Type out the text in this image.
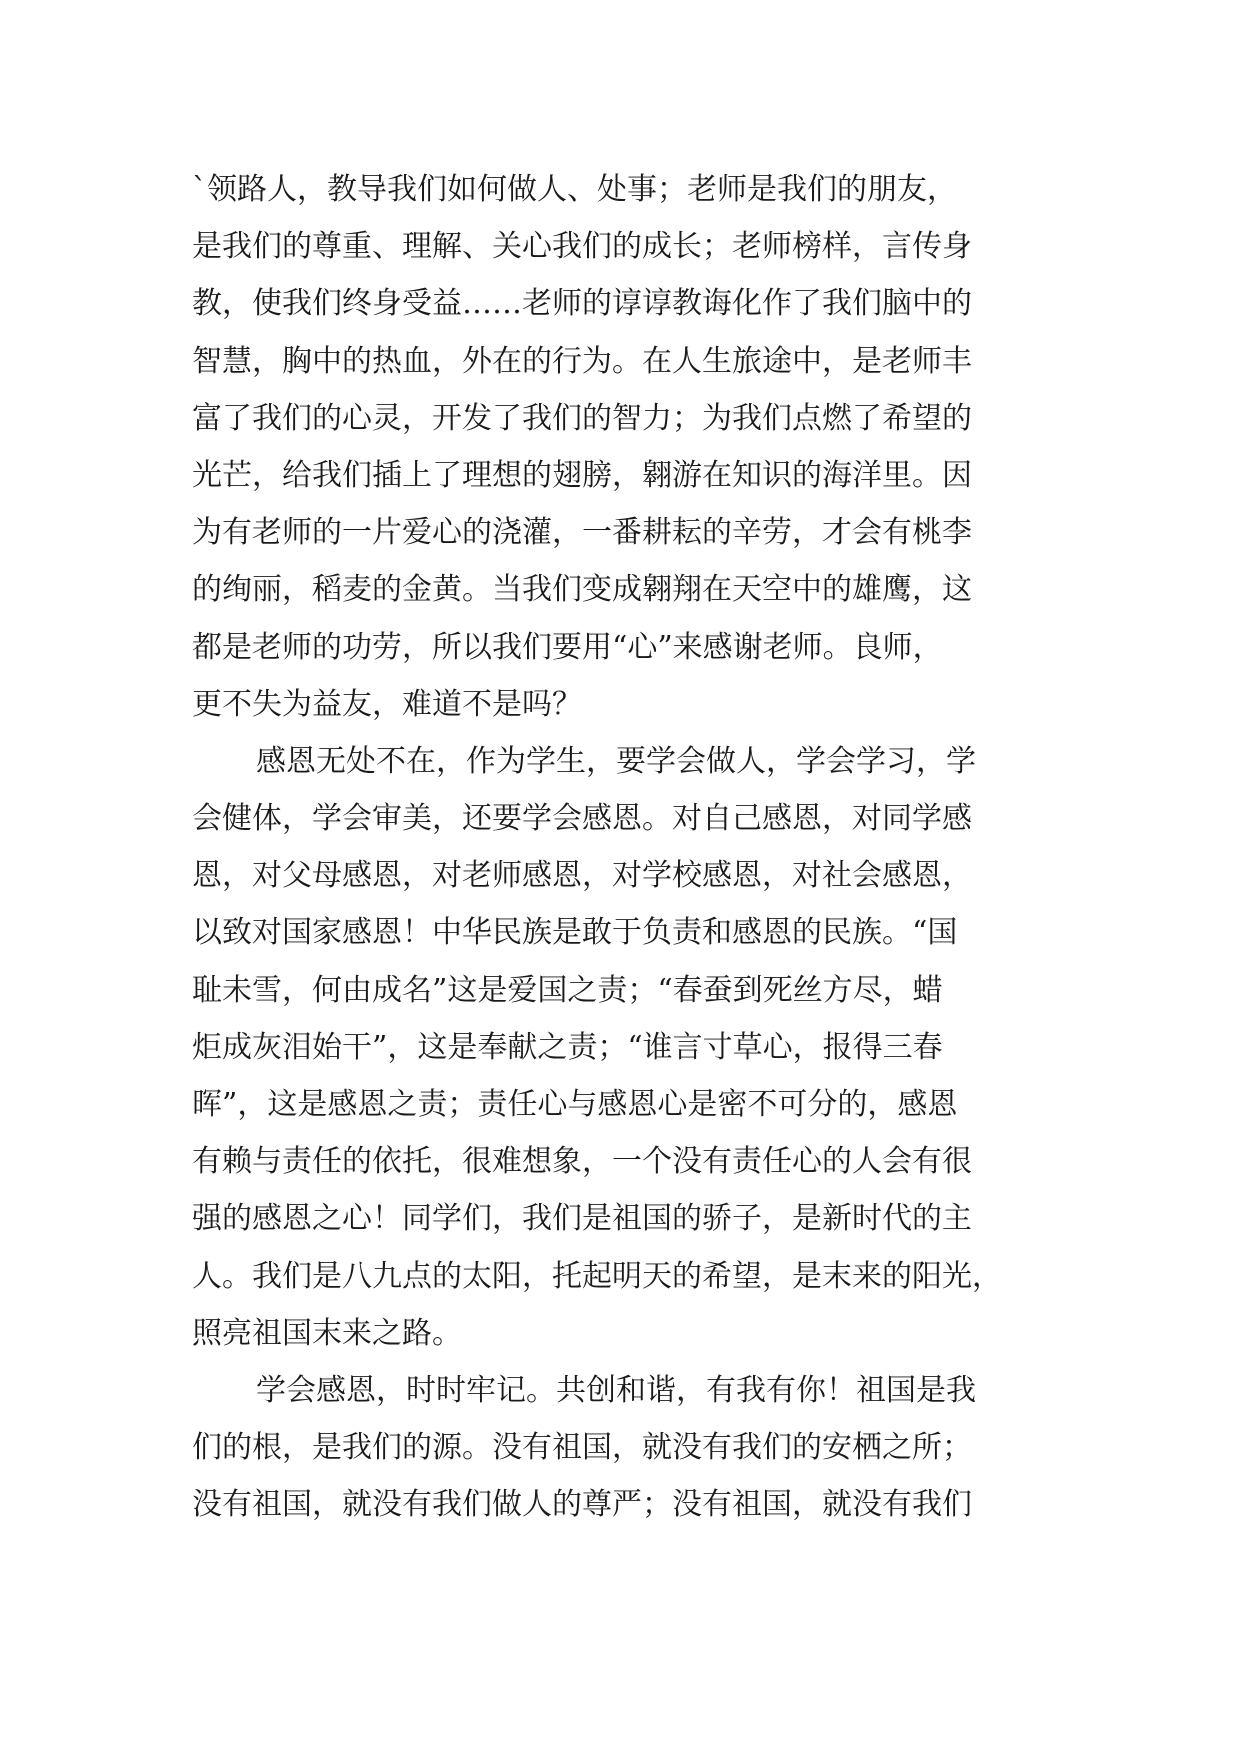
`领路人，教导我们如何做人、处事；老师是我们的朋友，
是我们的尊重、理解、关心我们的成长；老师榜样，言传身
教，使我们终身受益……老师的谆谆教诲化作了我们脑中的
智慧，胸中的热血，外在的行为。在人生旅途中，是老师丰
富了我们的心灵，开发了我们的智力；为我们点燃了希望的
光芒，给我们插上了理想的翅膀，翱游在知识的海洋里。因
为有老师的一片爱心的浇灌，一番耕耘的辛劳，才会有桃李
的绚丽，稻麦的金黄。当我们变成翱翔在天空中的雄鹰，这
都是老师的功劳，所以我们要用“心”来感谢老师。良师，
更不失为益友，难道不是吗？
感恩无处不在，作为学生，要学会做人，学会学习，学
会健体，学会审美，还要学会感恩。对自己感恩，对同学感
恩，对父母感恩，对老师感恩，对学校感恩，对社会感恩，
以致对国家感恩！中华民族是敢于负责和感恩的民族。“国
耻未雪，何由成名”这是爱国之责；“春蚕到死丝方尽，蜡
炬成灰泪始干”，这是奉献之责；“谁言寸草心，报得三春
晖”，这是感恩之责；责任心与感恩心是密不可分的，感恩
有赖与责任的依托，很难想象，一个没有责任心的人会有很
强的感恩之心！同学们，我们是祖国的骄子，是新时代的主
人。我们是八九点的太阳，托起明天的希望，是末来的阳光，
照亮祖国末来之路。
学会感恩，时时牢记。共创和谐，有我有你！祖国是我
们的根，是我们的源。没有祖国，就没有我们的安栖之所；
没有祖国，就没有我们做人的尊严；没有祖国，就没有我们
